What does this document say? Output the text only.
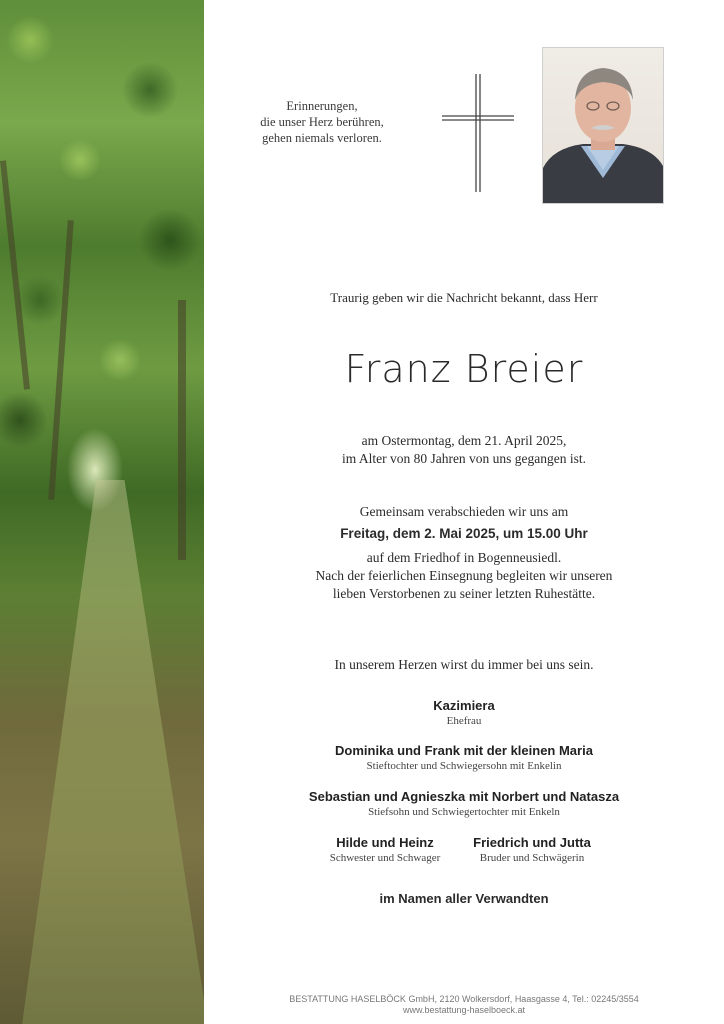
Erinnerungen,
die unser Herz berühren,
gehen niemals verloren.
Traurig geben wir die Nachricht bekannt, dass Herr
Franz Breier
am Ostermontag, dem 21. April 2025,
im Alter von 80 Jahren von uns gegangen ist.
Gemeinsam verabschieden wir uns am
Freitag, dem 2. Mai 2025, um 15.00 Uhr
auf dem Friedhof in Bogenneusiedl.
Nach der feierlichen Einsegnung begleiten wir unseren
lieben Verstorbenen zu seiner letzten Ruhestätte.
In unserem Herzen wirst du immer bei uns sein.
Kazimiera
Ehefrau
Dominika und Frank mit der kleinen Maria
Stieftochter und Schwiegersohn mit Enkelin
Sebastian und Agnieszka mit Norbert und Natasza
Stiefsohn und Schwiegertochter mit Enkeln
Hilde und Heinz
Schwester und Schwager
Friedrich und Jutta
Bruder und Schwägerin
im Namen aller Verwandten
BESTATTUNG HASELBÖCK GmbH, 2120 Wolkersdorf, Haasgasse 4, Tel.: 02245/3554
www.bestattung-haselboeck.at
